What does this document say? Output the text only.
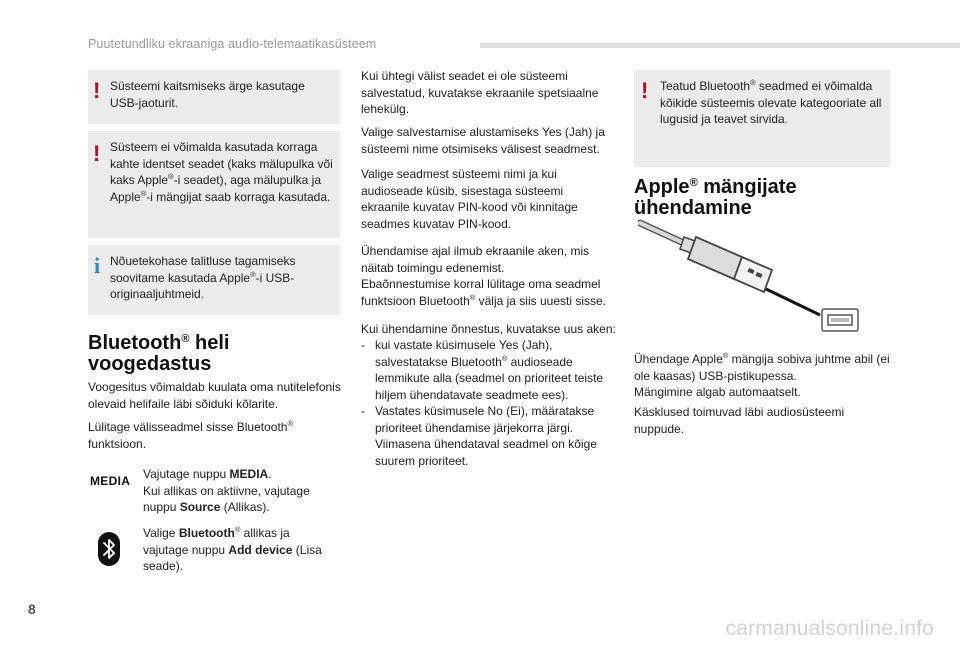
Puutetundliku ekraaniga audio-telemaatikasüsteem
! Süsteemi kaitsmiseks ärge kasutage USB-jaoturit.
! Süsteem ei võimalda kasutada korraga kahte identset seadet (kaks mälupulka või kaks Apple®-i seadet), aga mälupulka ja Apple®-i mängijat saab korraga kasutada.
i Nõuetekohase talitluse tagamiseks soovitame kasutada Apple®-i USB-originaaljuhtmeid.
Bluetooth® heli voogedastus
Voogesitus võimaldab kuulata oma nutitelefonis olevaid helifaile läbi sõiduki kõlarite.
Lülitage välisseadmel sisse Bluetooth® funktsioon.
MEDIA Vajutage nuppu MEDIA.
Kui allikas on aktiivne, vajutage nuppu Source (Allikas).
Valige Bluetooth® allikas ja vajutage nuppu Add device (Lisa seade).
Kui ühtegi välist seadet ei ole süsteemi salvestatud, kuvatakse ekraanile spetsiaalne lehekülg.
Valige salvestamise alustamiseks Yes (Jah) ja süsteemi nime otsimiseks välisest seadmest.
Valige seadmest süsteemi nimi ja kui audioseade küsib, sisestaga süsteemi ekraanile kuvatav PIN-kood või kinnitage seadmes kuvatav PIN-kood.
Ühendamise ajal ilmub ekraanile aken, mis näitab toimingu edenemist.
Ebaõnnestumise korral lülitage oma seadmel funktsioon Bluetooth® välja ja siis uuesti sisse.
Kui ühendamine õnnestus, kuvatakse uus aken:
- kui vastate küsimusele Yes (Jah), salvestatakse Bluetooth® audioseade lemmikute alla (seadmel on prioriteet teiste hiljem ühendatavate seadmete ees).
- Vastates küsimusele No (Ei), määratakse prioriteet ühendamise järjekorra järgi. Viimasena ühendataval seadmel on kõige suurem prioriteet.
! Teatud Bluetooth® seadmed ei võimalda kõikide süsteemis olevate kategooriate all lugusid ja teavet sirvida.
Apple® mängijate ühendamine
Ühendage Apple® mängija sobiva juhtme abil (ei ole kaasas) USB-pistikupessa.
Mängimine algab automaatselt.
Käsklused toimuvad läbi audiosüsteemi nuppude.
8
carmanualsonline.info
